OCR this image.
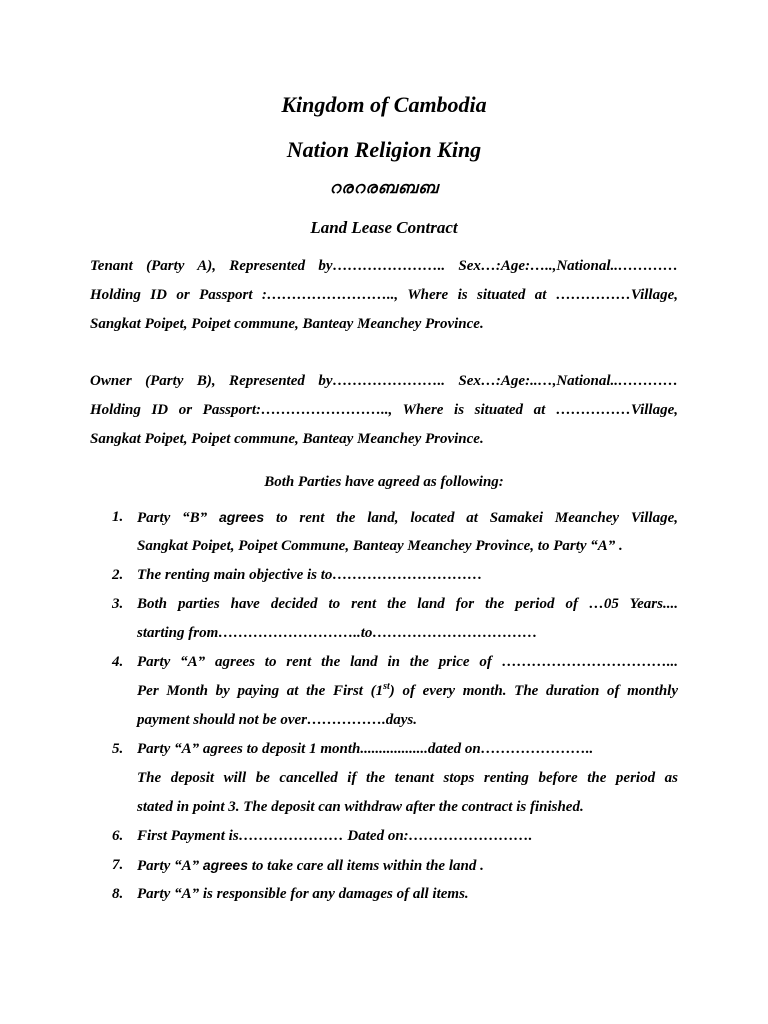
Kingdom of Cambodia
Nation Religion King
റരറരബബബ
Land Lease Contract
Tenant (Party A), Represented by………………….. Sex…:Age:…..,National..…………
Holding ID or Passport :…………………….., Where is situated at ……………Village,
Sangkat Poipet, Poipet commune, Banteay Meanchey Province.
Owner (Party B), Represented by………………….. Sex…:Age:..…,National..…………
Holding ID or Passport:…………………….., Where is situated at ……………Village,
Sangkat Poipet, Poipet commune, Banteay Meanchey Province.
Both Parties have agreed as following:
1. Party “B” agrees to rent the land, located at Samakei Meanchey Village,
Sangkat Poipet, Poipet Commune, Banteay Meanchey Province, to Party “A” .
2. The renting main objective is to…………………………
3. Both parties have decided to rent the land for the period of …05 Years....
starting from………………………..to……………………………
4. Party “A” agrees to rent the land in the price of ……………………………...
Per Month by paying at the First (1st) of every month. The duration of monthly
payment should not be over…………….days.
5. Party “A” agrees to deposit 1 month..................dated on…………………..
The deposit will be cancelled if the tenant stops renting before the period as
stated in point 3. The deposit can withdraw after the contract is finished.
6. First Payment is………………… Dated on:…………………….
7. Party “A” agrees to take care all items within the land .
8. Party “A” is responsible for any damages of all items.
